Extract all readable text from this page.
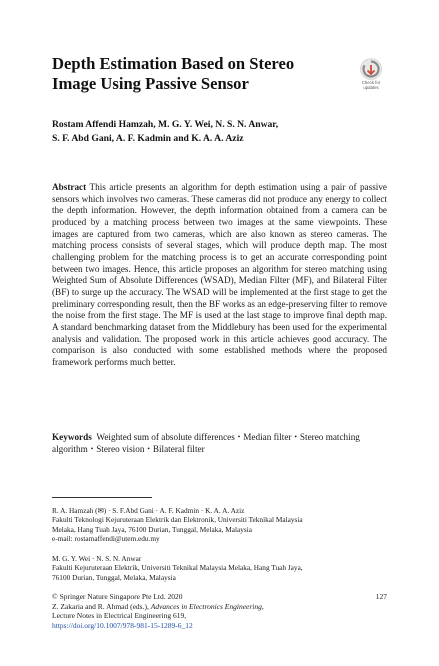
Depth Estimation Based on Stereo
Image Using Passive Sensor	Check for
updates
Rostam Affendi Hamzah, M. G. Y. Wei, N. S. N. Anwar,
S. F. Abd Gani, A. F. Kadmin and K. A. A. Aziz
Abstract This article presents an algorithm for depth estimation using a pair of passive sensors which involves two cameras. These cameras did not produce any energy to collect the depth information. However, the depth information obtained from a camera can be produced by a matching process between two images at the same viewpoints. These images are captured from two cameras, which are also known as stereo cameras. The matching process consists of several stages, which will produce depth map. The most challenging problem for the matching process is to get an accurate corresponding point between two images. Hence, this article proposes an algorithm for stereo matching using Weighted Sum of Absolute Differences (WSAD), Median Filter (MF), and Bilateral Filter (BF) to surge up the accuracy. The WSAD will be implemented at the first stage to get the preliminary corresponding result, then the BF works as an edge-preserving filter to remove the noise from the first stage. The MF is used at the last stage to improve final depth map. A standard benchmarking dataset from the Middlebury has been used for the experimental analysis and validation. The proposed work in this article achieves good accuracy. The comparison is also conducted with some established methods where the proposed framework performs much better.
Keywords Weighted sum of absolute differences • Median filter • Stereo matching algorithm • Stereo vision • Bilateral filter
R. A. Hamzah (✉) · S. F.Abd Gani · A. F. Kadmin · K. A. A. Aziz
Fakulti Teknologi Kejuruteraan Elektrik dan Elektronik, Universiti Teknikal Malaysia
Melaka, Hang Tuah Jaya, 76100 Durian, Tunggal, Melaka, Malaysia
e-mail: rostamaffendi@utem.edu.my
M. G. Y. Wei · N. S. N. Anwar
Fakulti Kejuruteraan Elektrik, Universiti Teknikal Malaysia Melaka, Hang Tuah Jaya,
76100 Durian, Tunggal, Melaka, Malaysia
© Springer Nature Singapore Pte Ltd. 2020
Z. Zakaria and R. Ahmad (eds.), Advances in Electronics Engineering,
Lecture Notes in Electrical Engineering 619,
https://doi.org/10.1007/978-981-15-1289-6_12
127
